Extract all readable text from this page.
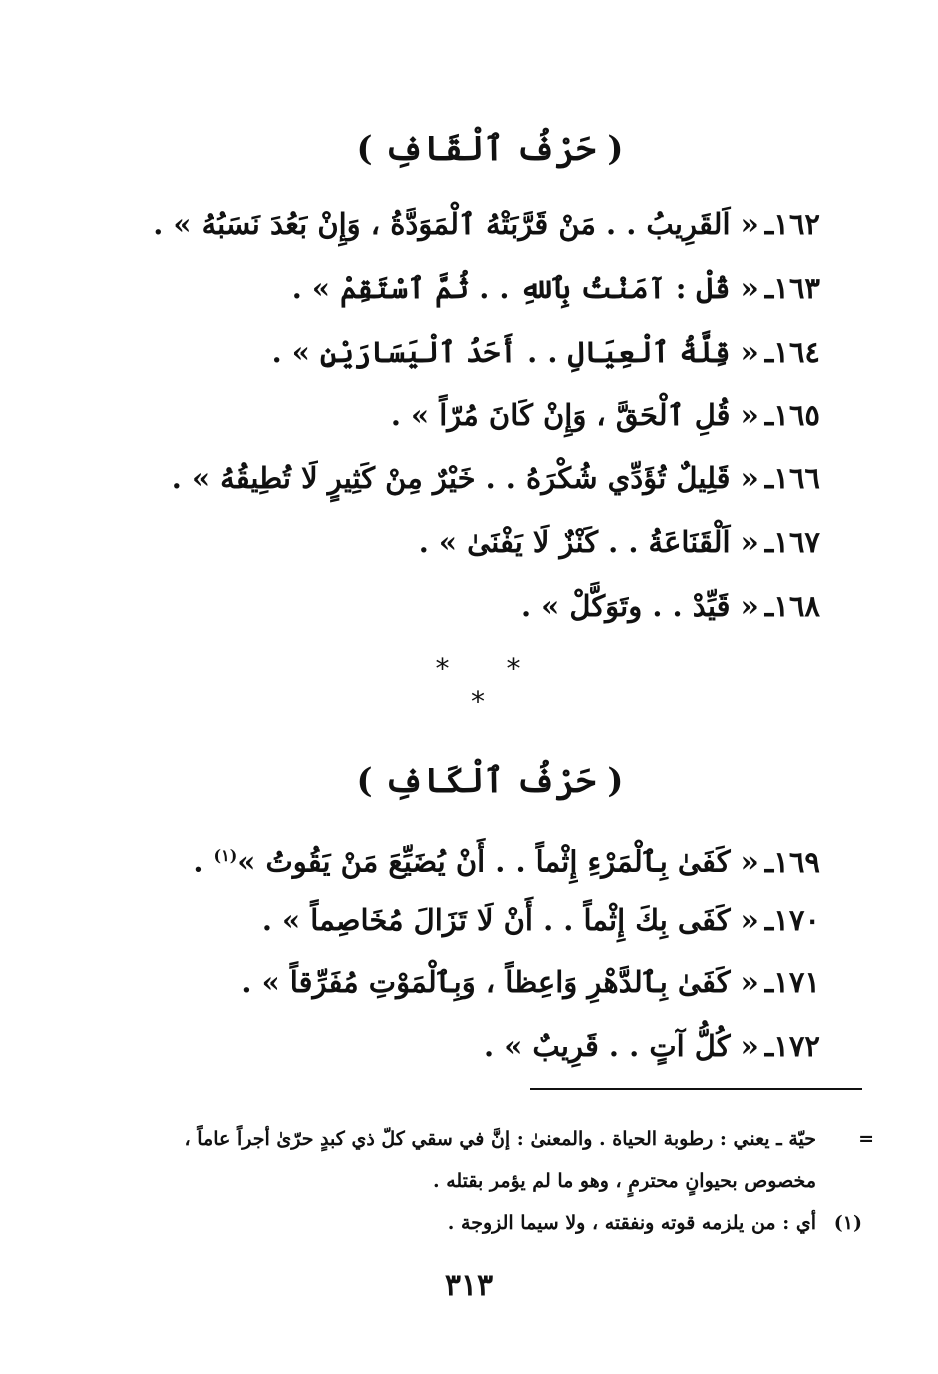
( حَرْفُ ٱلْقَافِ )
١٦٢ـ« اَلقَرِيبُ . . مَنْ قَرَّبَتْهُ ٱلْمَوَدَّةُ ، وَإِنْ بَعُدَ نَسَبُهُ » .
١٦٣ـ« قُلْ : آمَنْتُ بِٱللهِ . . ثُمَّ ٱسْتَقِمْ » .
١٦٤ـ« قِلَّةُ ٱلْعِيَالِ . . أَحَدُ ٱلْيَسَارَيْنِ » .
١٦٥ـ« قُلِ ٱلْحَقَّ ، وَإِنْ كَانَ مُرّاً » .
١٦٦ـ« قَلِيلٌ تُؤَدِّي شُكْرَهُ . . خَيْرٌ مِنْ كَثِيرٍ لَا تُطِيقُهُ » .
١٦٧ـ« اَلْقَنَاعَةُ . . كَنْزٌ لَا يَفْنَىٰ » .
١٦٨ـ« قَيِّدْ . . وتَوَكَّلْ » .
* * *
( حَرْفُ ٱلْكَافِ )
١٦٩ـ« كَفَىٰ بِٱلْمَرْءِ إِثْماً . . أَنْ يُضَيِّعَ مَنْ يَقُوتُ »$^{(١)}$ .
١٧٠ـ« كَفَى بِكَ إِثْماً . . أَنْ لَا تَزَالَ مُخَاصِماً » .
١٧١ـ« كَفَىٰ بِٱلدَّهْرِ وَاعِظاً ، وَبِٱلْمَوْتِ مُفَرِّقاً » .
١٧٢ـ« كُلُّ آتٍ . . قَرِيبٌ » .
=
حيّة ـ يعني : رطوبة الحياة . والمعنىٰ : إنَّ في سقي كلّ ذي كبدٍ حرّىٰ أجراً عاماً ،
مخصوص بحيوانٍ محترمٍ ، وهو ما لم يؤمر بقتله .
(١)
أي : من يلزمه قوته ونفقته ، ولا سيما الزوجة .
٣١٣
